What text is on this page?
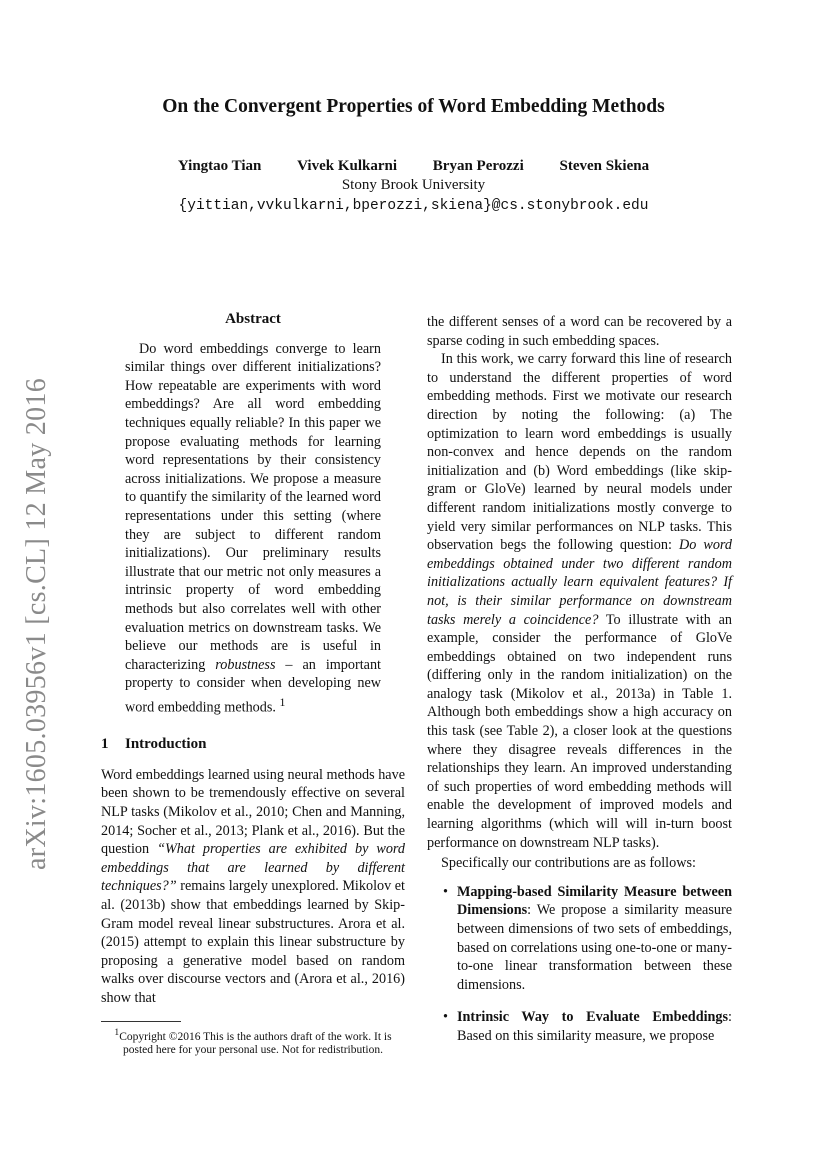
arXiv:1605.03956v1 [cs.CL] 12 May 2016
On the Convergent Properties of Word Embedding Methods
Yingtao Tian Vivek Kulkarni Bryan Perozzi Steven Skiena
Stony Brook University
{yittian,vvkulkarni,bperozzi,skiena}@cs.stonybrook.edu
Abstract

Do word embeddings converge to learn similar things over different initializations? How repeatable are experiments with word embeddings? Are all word embedding techniques equally reliable? In this paper we propose evaluating methods for learning word representations by their consistency across initializations. We propose a measure to quantify the similarity of the learned word representations under this setting (where they are subject to different random initializations). Our preliminary results illustrate that our metric not only measures a intrinsic property of word embedding methods but also correlates well with other evaluation metrics on downstream tasks. We believe our methods are is useful in characterizing robustness – an important property to consider when developing new word embedding methods. $^1$

1 Introduction

Word embeddings learned using neural methods have been shown to be tremendously effective on several NLP tasks (Mikolov et al., 2010; Chen and Manning, 2014; Socher et al., 2013; Plank et al., 2016). But the question “What properties are exhibited by word embeddings that are learned by different techniques?” remains largely unexplored. Mikolov et al. (2013b) show that embeddings learned by Skip-Gram model reveal linear substructures. Arora et al. (2015) attempt to explain this linear substructure by proposing a generative model based on random walks over discourse vectors and (Arora et al., 2016) show that

$^1$Copyright ©2016 This is the authors draft of the work. It is posted here for your personal use. Not for redistribution.

the different senses of a word can be recovered by a sparse coding in such embedding spaces.

In this work, we carry forward this line of research to understand the different properties of word embedding methods. First we motivate our research direction by noting the following: (a) The optimization to learn word embeddings is usually non-convex and hence depends on the random initialization and (b) Word embeddings (like skip-gram or GloVe) learned by neural models under different random initializations mostly converge to yield very similar performances on NLP tasks. This observation begs the following question: Do word embeddings obtained under two different random initializations actually learn equivalent features? If not, is their similar performance on downstream tasks merely a coincidence? To illustrate with an example, consider the performance of GloVe embeddings obtained on two independent runs (differing only in the random initialization) on the analogy task (Mikolov et al., 2013a) in Table 1. Although both embeddings show a high accuracy on this task (see Table 2), a closer look at the questions where they disagree reveals differences in the relationships they learn. An improved understanding of such properties of word embedding methods will enable the development of improved models and learning algorithms (which will will in-turn boost performance on downstream NLP tasks).

Specifically our contributions are as follows:

• Mapping-based Similarity Measure between Dimensions: We propose a similarity measure between dimensions of two sets of embeddings, based on correlations using one-to-one or many-to-one linear transformation between these dimensions.

• Intrinsic Way to Evaluate Embeddings: Based on this similarity measure, we propose
